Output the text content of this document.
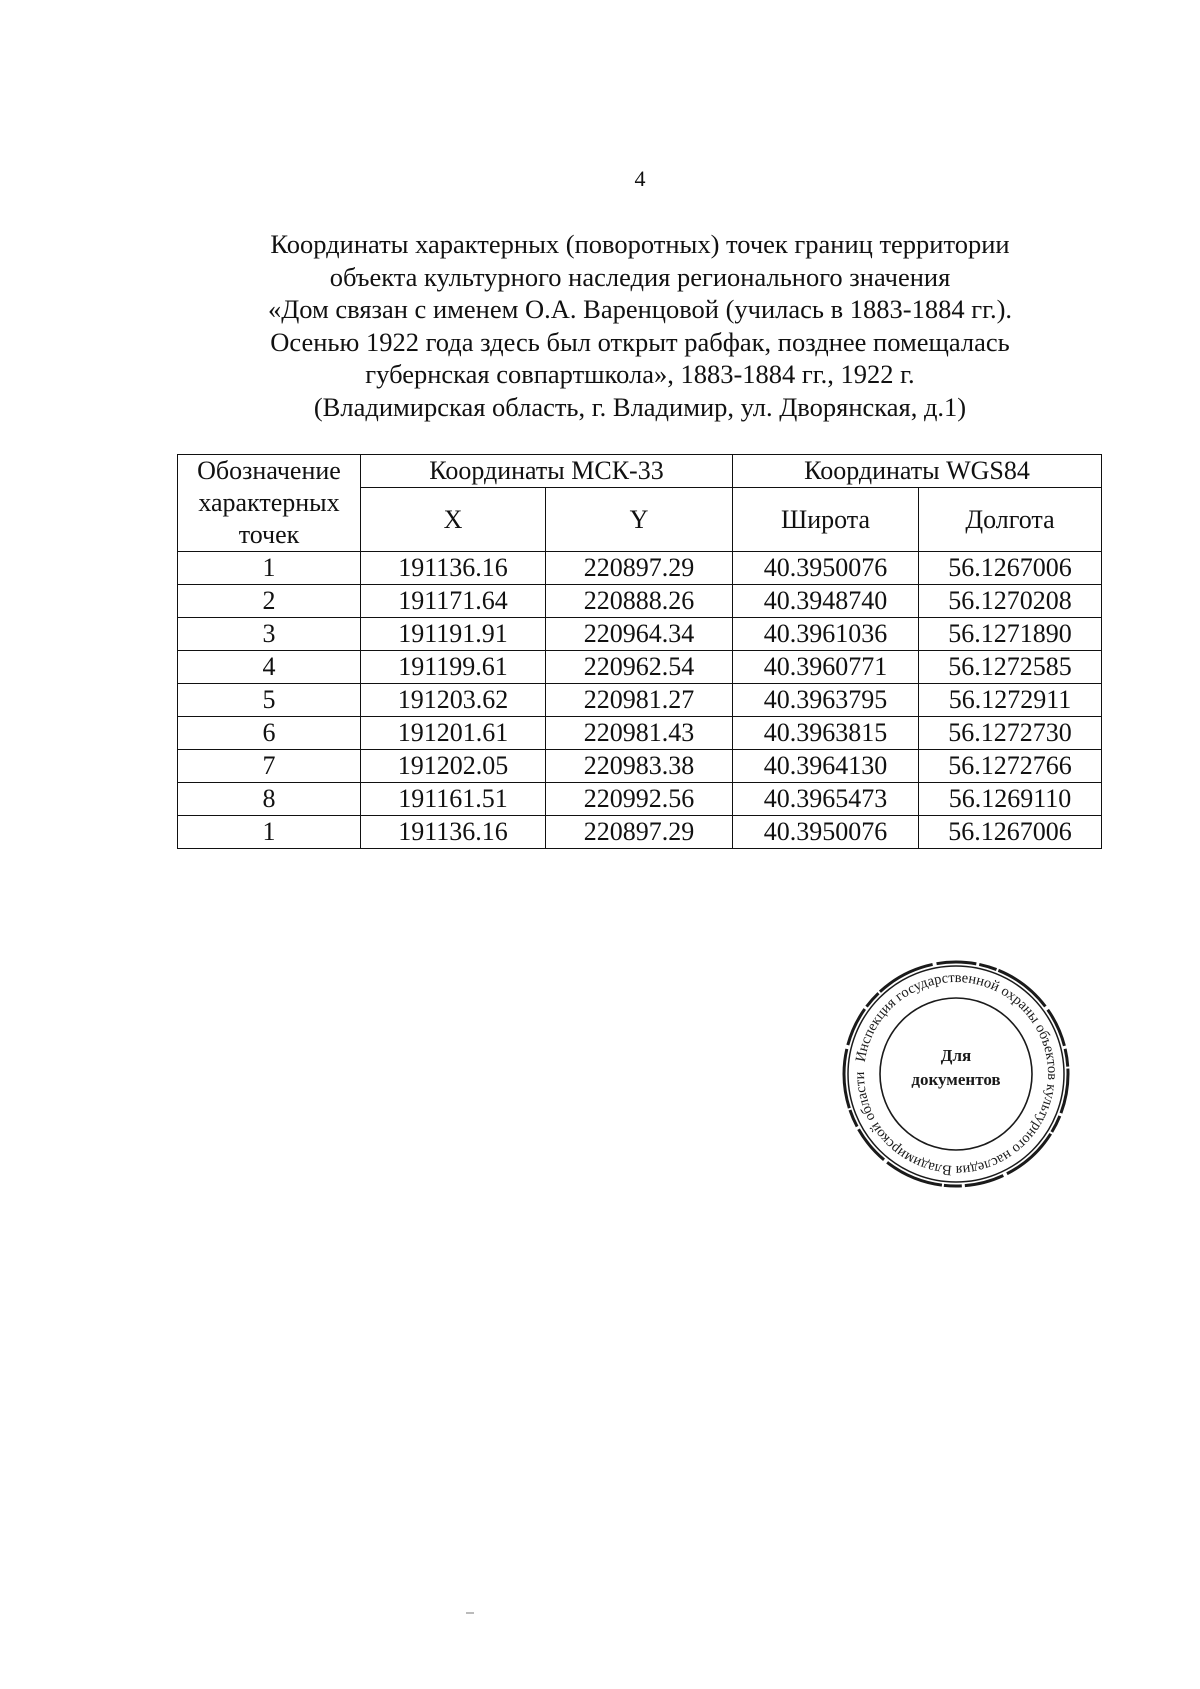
4
Координаты характерных (поворотных) точек границ территории
объекта культурного наследия регионального значения
«Дом связан с именем О.А. Варенцовой (училась в 1883-1884 гг.).
Осенью 1922 года здесь был открыт рабфак, позднее помещалась
губернская совпартшкола», 1883-1884 гг., 1922 г.
(Владимирская область, г. Владимир, ул. Дворянская, д.1)
Обозначение характерных точек	Координаты МСК-33		Координаты WGS84	
	X	Y	Широта	Долгота
1	191136.16	220897.29	40.3950076	56.1267006
2	191171.64	220888.26	40.3948740	56.1270208
3	191191.91	220964.34	40.3961036	56.1271890
4	191199.61	220962.54	40.3960771	56.1272585
5	191203.62	220981.27	40.3963795	56.1272911
6	191201.61	220981.43	40.3963815	56.1272730
7	191202.05	220983.38	40.3964130	56.1272766
8	191161.51	220992.56	40.3965473	56.1269110
1	191136.16	220897.29	40.3950076	56.1267006
Инспекция государственной охраны объектов культурного наследия Владимирской области
Для
документов
